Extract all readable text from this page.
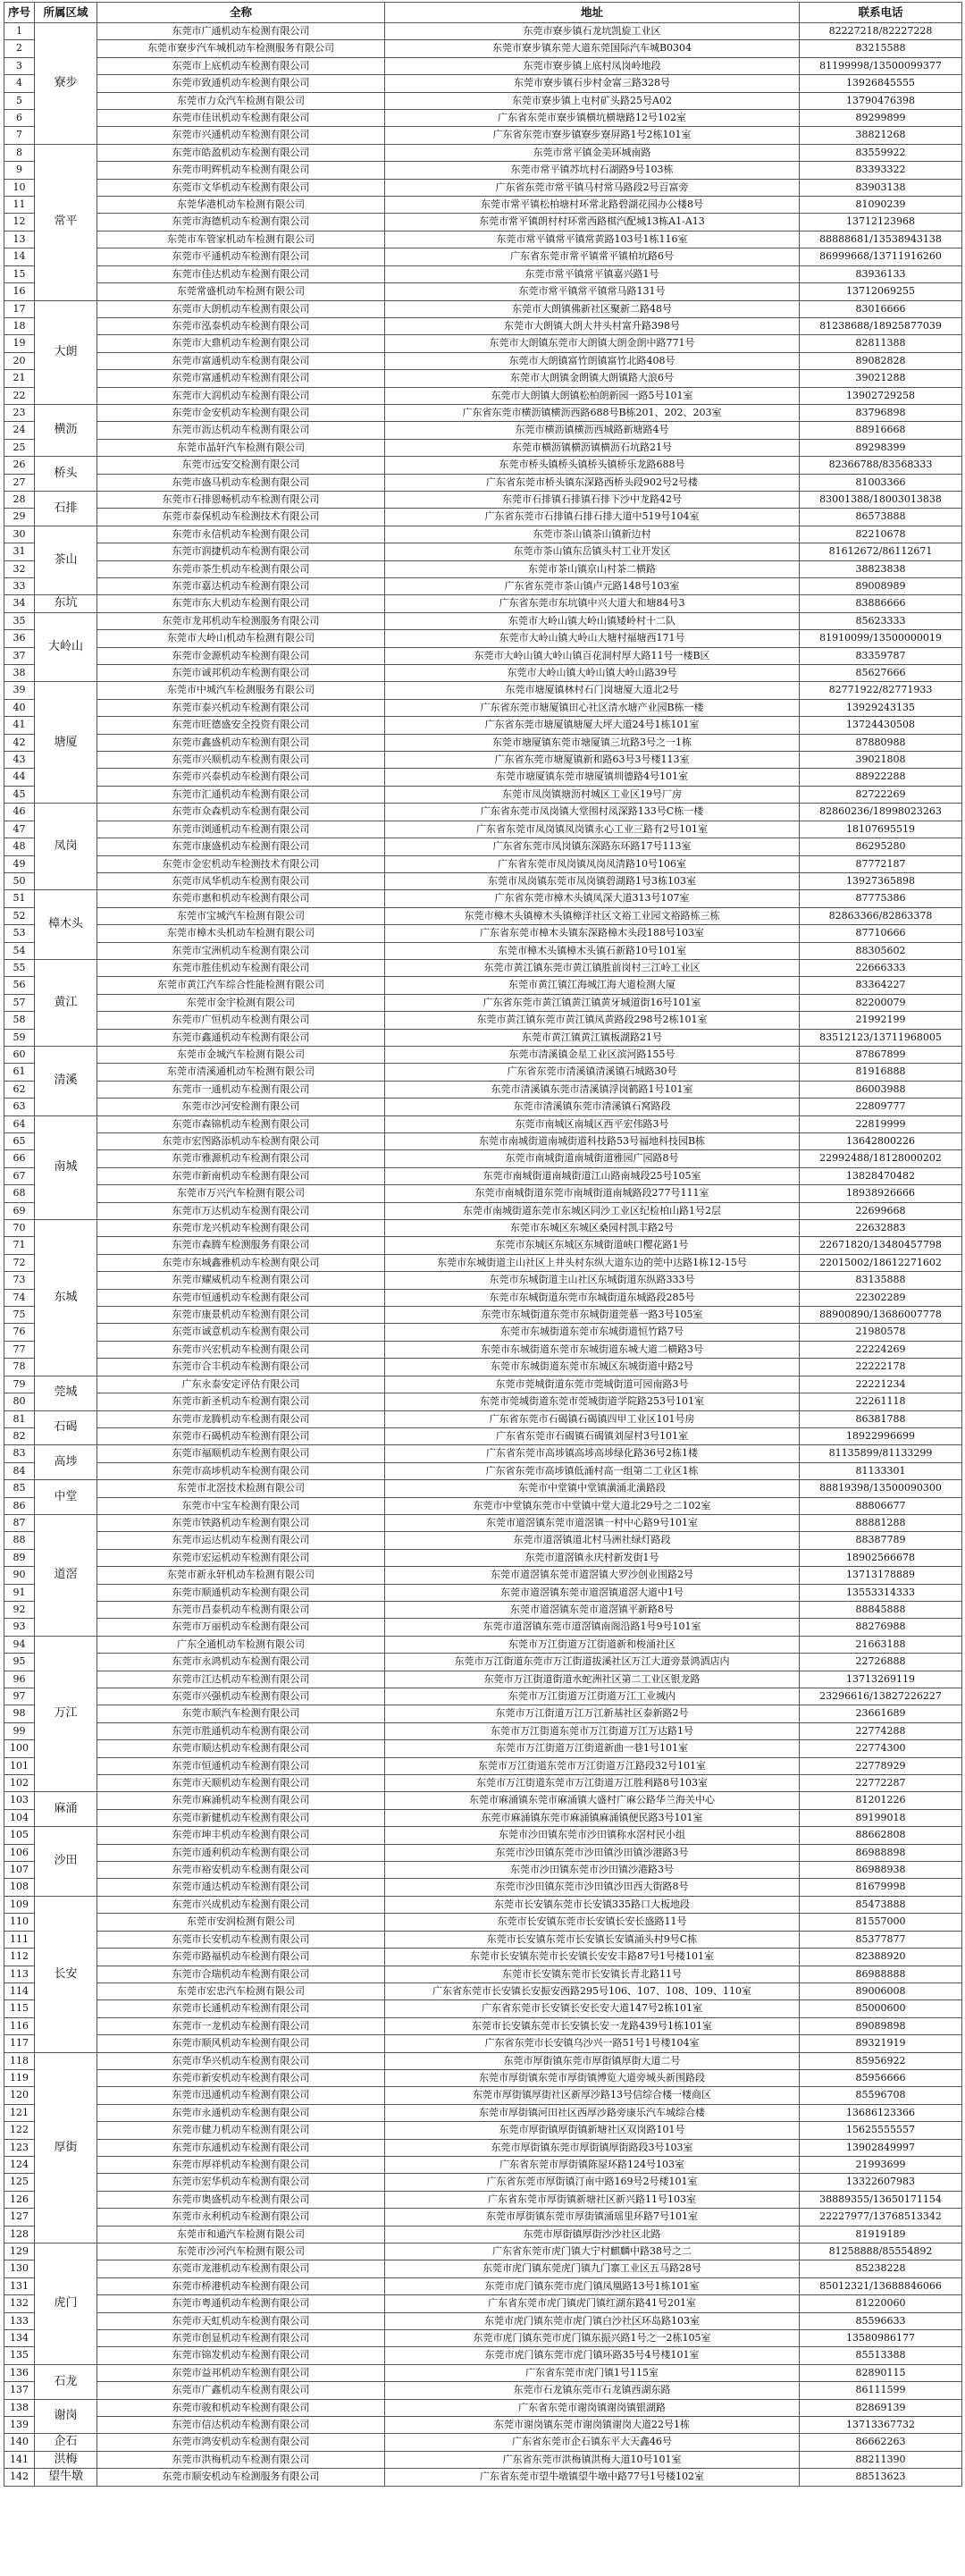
序号	所属区域	全称	地址	联系电话
1	寮步	东莞市广通机动车检测有限公司	东莞市寮步镇石龙坑凯旋工业区	82227218/82227228
2		东莞市寮步汽车城机动车检测服务有限公司	东莞市寮步镇东莞大道东莞国际汽车城B0304	83215588
3		东莞市上底机动车检测有限公司	东莞市寮步镇上底村凤岗岭地段	81199998/13500099377
4		东莞市致通机动车检测有限公司	东莞市寮步镇石步村金富三路328号	13926845555
5		东莞市力众汽车检测有限公司	东莞市寮步镇上屯村矿头路25号A02	13790476398
6		东莞市佳讯机动车检测有限公司	广东省东莞市寮步镇横坑横塘路12号102室	89299899
7		东莞市兴通机动车检测有限公司	广东省东莞市寮步镇寮步寮屏路1号2栋101室	38821268
8	常平	东莞市皓盈机动车检测有限公司	东莞市常平镇金美环城南路	83559922
9		东莞市明辉机动车检测有限公司	东莞市常平镇苏坑村石湖路9号103栋	83393322
10		东莞市文华机动车检测有限公司	广东省东莞市常平镇马村常马路段2号百富旁	83903138
11		东莞华港机动车检测有限公司	东莞市常平镇松柏塘村环常北路碧湖花园办公楼8号	81090239
12		东莞市海德机动车检测有限公司	东莞市常平镇朗村村环常西路棋汽配城13栋A1-A13	13712123968
13		东莞市车管家机动车检测有限公司	东莞市常平镇常平镇常黄路103号1栋116室	88888681/13538943138
14		东莞市平通机动车检测有限公司	广东省东莞市常平镇常平镇柏坑路6号	86999668/13711916260
15		东莞市佳达机动车检测有限公司	东莞市常平镇常平镇嘉兴路1号	83936133
16		东莞常盛机动车检测有限公司	东莞市常平镇常平镇常马路131号	13712069255
17	大朗	东莞市大朗机动车检测有限公司	东莞市大朗镇佛新社区聚新二路48号	83016666
18		东莞市泓泰机动车检测有限公司	东莞市大朗镇大朗大井头村富升路398号	81238688/18925877039
19		东莞市大鼎机动车检测有限公司	东莞市大朗镇东莞市大朗镇大朗金朗中路771号	82811388
20		东莞市富通机动车检测有限公司	东莞市大朗镇富竹朗镇富竹北路408号	89082828
21		东莞市富通机动车检测有限公司	东莞市大朗镇金朗镇大朗镇路大浪6号	39021288
22		东莞市大润机动车检测有限公司	东莞市大朗镇大朗镇松柏朗新园一路5号101室	13902729258
23	横沥	东莞市金安机动车检测有限公司	广东省东莞市横沥镇横沥西路688号B栋201、202、203室	83796898
24		东莞市沥达机动车检测有限公司	东莞市横沥镇横沥西城路新塘路4号	88916668
25		东莞市晶轩汽车检测有限公司	东莞市横沥镇横沥镇横沥石坑路21号	89298399
26	桥头	东莞市远安交检测有限公司	东莞市桥头镇桥头镇桥头镇桥乐龙路688号	82366788/83568333
27		东莞市盛马机动车检测有限公司	广东省东莞市桥头镇东深路西桥头段902号2号楼	81003366
28	石排	东莞市石排恩畅机动车检测有限公司	东莞市石排镇石排镇石排下沙中龙路42号	83001388/18003013838
29		东莞市泰保机动车检测技术有限公司	广东省东莞市石排镇石排石排大道中519号104室	86573888
30	茶山	东莞市永信机动车检测有限公司	东莞市茶山镇茶山镇新边村	82210678
31		东莞市润捷机动车检测有限公司	东莞市茶山镇东岳镇头村工业开发区	81612672/86112671
32		东莞市茶生机动车检测有限公司	东莞市茶山镇京山村茶二横路	38823838
33		东莞市嘉达机动车检测有限公司	广东省东莞市茶山镇卢元路148号103室	89008989
34	东坑	东莞市东大机动车检测有限公司	广东省东莞市东坑镇中兴大道大和塘84号3	83886666
35	大岭山	东莞市龙邦机动车检测服务有限公司	东莞市大岭山镇大岭山镇矮岭村十二队	85623333
36		东莞市大岭山机动车检测有限公司	东莞市大岭山镇大岭山大塘村福塘西171号	81910099/13500000019
37		东莞市金源机动车检测有限公司	东莞市大岭山镇大岭山镇百花洞村厚大路11号一楼B区	83359787
38		东莞市诚邦机动车检测有限公司	东莞市大岭山镇大岭山镇大岭山路39号	85627666
39	塘厦	东莞市中城汽车检测服务有限公司	东莞市塘厦镇林村石门岗塘厦大道北2号	82771922/82771933
40		东莞市泰兴机动车检测有限公司	广东省东莞市塘厦镇田心社区清水塘产业园B栋一楼	13929243135
41		东莞市旺德盛安全投资有限公司	广东省东莞市塘厦镇塘厦大坪大道24号1栋101室	13724430508
42		东莞市鑫盛机动车检测有限公司	东莞市塘厦镇东莞市塘厦镇三坑路3号之一1栋	87880988
43		东莞市兴顺机动车检测有限公司	广东省东莞市塘厦镇新和路63号3号楼113室	39021808
44		东莞市兴泰机动车检测有限公司	东莞市塘厦镇东莞市塘厦镇圳德路4号101室	88922288
45		东莞市汇通机动车检测有限公司	东莞市凤岗镇塘沥村城区工业区19号厂房	82722269
46	凤岗	东莞市众森机动车检测有限公司	广东省东莞市凤岗镇大堂围村凤深路133号C栋一楼	82860236/18998023263
47		东莞市浏通机动车检测有限公司	广东省东莞市凤岗镇凤岗镇永心工业三路有2号101室	18107695519
48		东莞市康盛机动车检测有限公司	广东省东莞市凤岗镇东深路东环路17号113室	86295280
49		东莞市金宏机动车检测技术有限公司	广东省东莞市凤岗镇凤岗凤清路10号106室	87772187
50		东莞市凤华机动车检测有限公司	东莞市凤岗镇东莞市凤岗镇碧湖路1号3栋103室	13927365898
51	樟木头	东莞市惠和机动车检测有限公司	广东省东莞市樟木头镇凤深大道313号107室	87775386
52		东莞市宝城汽车检测有限公司	东莞市樟木头镇樟木头镇樟洋社区文裕工业园文裕路栋三栋	82863366/82863378
53		东莞市樟木头机动车检测有限公司	广东省东莞市樟木头镇东深路樟木头段188号103室	87710666
54		东莞市宝洲机动车检测有限公司	东莞市樟木头镇樟木头镇石新路10号101室	88305602
55	黄江	东莞市胜佳机动车检测有限公司	东莞市黄江镇东莞市黄江镇胜前岗村三江岭工业区	22666333
56		东莞市黄江汽车综合性能检测有限公司	东莞市黄江镇江海城江海大道检测大厦	83364227
57		东莞市金宇检测有限公司	广东省东莞市黄江镇黄江镇黄牙城道街16号101室	82200079
58		东莞市广恒机动车检测有限公司	东莞市黄江镇东莞市黄江镇凤黄路段298号2栋101室	21992199
59		东莞市鑫通机动车检测有限公司	东莞市黄江镇黄江镇板湖路21号	83512123/13711968005
60	清溪	东莞市金城汽车检测有限公司	东莞市清溪镇金星工业区滨河路155号	87867899
61		东莞市清溪通机动车检测有限公司	广东省东莞市清溪镇清溪镇石城路30号	81916888
62		东莞市一通机动车检测有限公司	东莞市清溪镇东莞市清溪镇浮岗鹤路1号101室	86003988
63		东莞市沙河安检测有限公司	东莞市清溪镇东莞市清溪镇石窝路段	22809777
64	南城	东莞市森锦机动车检测有限公司	东莞市南城区南城区西平宏伟路3号	22819999
65		东莞市宏图路添机动车检测有限公司	东莞市南城街道南城街道科技路53号福地科技园B栋	13642800226
66		东莞市雅源机动车检测有限公司	东莞市南城街道南城街道雅园广园路8号	22992488/18128000202
67		东莞市新南机动车检测有限公司	东莞市南城街道南城街道江山路南城段25号105室	13828470482
68		东莞市万兴汽车检测有限公司	东莞市南城街道东莞市南城街道南城路段277号111室	18938926666
69		东莞市万达机动车检测有限公司	东莞市南城街道东莞市东城区同沙工业区纪检柏山路1号2层	22699668
70	东城	东莞市龙兴机动车检测有限公司	东莞市东城区东城区桑园村凯丰路2号	22632883
71		东莞市森腾车检测服务有限公司	东莞市东城区东城区东城街道峡口樱花路1号	22671820/13480457798
72		东莞市东城鑫雅机动车检测有限公司	东莞市东城街道主山社区上井头村东纵大道东边的莞中达路1栋12-15号	22015002/18612271602
73		东莞市耀威机动车检测有限公司	东莞市东城街道主山社区东城街道东纵路333号	83135888
74		东莞市恒通机动车检测有限公司	东莞市东城街道东莞市东城街道东城路段285号	22302289
75		东莞市康景机动车检测有限公司	东莞市东城街道东莞市东城街道莞慕一路3号105室	88900890/13686007778
76		东莞市诚意机动车检测有限公司	东莞市东城街道东莞市东城街道恒竹路7号	21980578
77		东莞市兴宏机动车检测有限公司	东莞市东城街道东莞市东城街道东城大道二横路3号	22224269
78		东莞市合丰机动车检测有限公司	东莞市东城街道东莞市东城区东城街道中路2号	22222178
79	莞城	广东永泰安定评估有限公司	东莞市莞城街道东莞市莞城街道可园南路3号	22221234
80		东莞市新圣机动车检测有限公司	东莞市莞城街道东莞市莞城街道学院路253号101室	22261118
81	石碣	东莞市龙腾机动车检测有限公司	广东省东莞市石碣镇石碣镇四甲工业区101号房	86381788
82		东莞市石碣机动车检测有限公司	广东省东莞市石碣镇石碣镇刘屋村3号101室	18922996699
83	高埗	东莞市福顺机动车检测有限公司	广东省东莞市高埗镇高埗高埗绿化路36号2栋1楼	81135899/81133299
84		东莞市高埗机动车检测有限公司	广东省东莞市高埗镇低涌村高一组第二工业区1栋	81133301
85	中堂	东莞市北滘技术检测有限公司	东莞市中堂镇中堂镇潢涌北潢路段	88819398/13500090300
86		东莞市中宝车检测有限公司	东莞市中堂镇东莞市中堂镇中堂大道北29号之二102室	88806677
87	道滘	东莞市铁路机动车检测有限公司	东莞市道滘镇东莞市道滘镇一村中心路9号101室	88881288
88		东莞市运达机动车检测有限公司	东莞市道滘镇道北村马洲社绿灯路段	88387789
89		东莞市宏运机动车检测有限公司	东莞市道滘镇永庆村新发街1号	18902566678
90		东莞市新永轩机动车检测有限公司	东莞市道滘镇东莞市道滘镇大罗沙创业围路2号	13713178889
91		东莞市顺通机动车检测有限公司	东莞市道滘镇东莞市道滘镇道滘大道中1号	13553314333
92		东莞市昌泰机动车检测有限公司	东莞市道滘镇东莞市道滘镇平新路8号	88845888
93		东莞市万丽机动车检测有限公司	东莞市道滘镇东莞市道滘镇南阁沿路1号9号101室	88276988
94	万江	广东全通机动车检测有限公司	东莞市万江街道万江街道新和梭涌社区	21663188
95		东莞市永鸿机动车检测有限公司	东莞市万江街道东莞市万江街道拔溪社区万江大道旁景鸿酒店内	22726888
96		东莞市江达机动车检测有限公司	东莞市万江街道街道水蛇洲社区第二工业区银龙路	13713269119
97		东莞市兴强机动车检测有限公司	东莞市万江街道万江街道万江工业城内	23296616/13827226227
98		东莞市顺汽车检测有限公司	东莞市万江街道万江万江新基社区泰新路2号	23661689
99		东莞市胜通机动车检测有限公司	东莞市万江街道东莞市万江街道万江万达路1号	22774288
100		东莞市顺达机动车检测有限公司	东莞市万江街道万江街道新曲一巷1号101室	22774300
101		东莞市恒通机动车检测有限公司	东莞市万江街道东莞市万江街道万江路段32号101室	22778929
102		东莞市天顺机动车检测有限公司	东莞市万江街道东莞市万江街道万江胜利路8号103室	22772287
103	麻涌	东莞市麻涌机动车检测有限公司	东莞市麻涌镇东莞市麻涌镇大盛村广麻公路华兰海关中心	81201226
104		东莞市新健机动车检测有限公司	东莞市麻涌镇东莞市麻涌镇麻涌镇便民路3号101室	89199018
105	沙田	东莞市坤丰机动车检测有限公司	东莞市沙田镇东莞市沙田镇称水滘村民小组	88662808
106		东莞市通利机动车检测有限公司	东莞市沙田镇东莞市沙田镇沙田镇沙港路3号	86988898
107		东莞市裕安机动车检测有限公司	东莞市沙田镇东莞市沙田镇沙港路3号	86988938
108		东莞市通达机动车检测有限公司	东莞市沙田镇东莞市沙田镇沙田西大街路8号	81679998
109	长安	东莞市兴成机动车检测有限公司	东莞市长安镇东莞市长安镇335路口大板地段	85473888
110		东莞市安润检测有限公司	东莞市长安镇东莞市长安镇长安长盛路11号	81557000
111		东莞市长安机动车检测有限公司	东莞市长安镇东莞市长安镇长安镇涌头村9号C栋	85377877
112		东莞市路福机动车检测有限公司	东莞市长安镇东莞市长安镇长安安丰路87号1号楼101室	82388920
113		东莞市合瑞机动车检测有限公司	东莞市长安镇东莞市长安镇长青北路11号	86988888
114		东莞市宏忠汽车检测有限公司	广东省东莞市长安镇长安振安西路295号106、107、108、109、110室	89006008
115		东莞市长通机动车检测有限公司	广东省东莞市长安镇长安长安大道147号2栋101室	85000600
116		东莞市一龙机动车检测有限公司	东莞市长安镇东莞市长安镇长安一龙路439号1栋101室	89089898
117		东莞市顺风机动车检测有限公司	广东省东莞市长安镇乌沙兴一路51号1号楼104室	89321919
118	厚街	东莞市华兴机动车检测有限公司	东莞市厚街镇东莞市厚街镇厚街大道二号	85956922
119		东莞市新安机动车检测有限公司	东莞市厚街镇东莞市厚街镇博览大道旁城头新围路段	85956666
120		东莞市迅通机动车检测有限公司	东莞市厚街镇厚街社区新厚沙路13号信综合楼一楼商区	85596708
121		东莞市永通机动车检测有限公司	东莞市厚街镇河田社区西厚沙路旁康乐汽车城综合楼	13686123366
122		东莞市健力机动车检测有限公司	东莞市厚街镇厚街镇新塘社区双岗路101号	15625555557
123		东莞市东通机动车检测有限公司	东莞市厚街镇东莞市厚街镇厚街路段3号103室	13902849997
124		东莞市厚祥机动车检测有限公司	广东省东莞市厚街镇陈屋环路124号103室	21993699
125		东莞市宏华机动车检测有限公司	广东省东莞市厚街镇汀南中路169号2号楼101室	13322607983
126		东莞市奥盛机动车检测有限公司	广东省东莞市厚街镇新塘社区新兴路11号103室	38889355/13650171154
127		东莞市永利机动车检测有限公司	东莞市厚街镇东莞市厚街镇涌瑶里环路7号101室	22227977/13768513342
128		东莞市和通汽车检测有限公司	东莞市厚街镇厚街沙沙社区北路	81919189
129	虎门	东莞市沙河汽车检测有限公司	广东省东莞市虎门镇大宁村麒麟中路38号之二	81258888/85554892
130		东莞市龙港机动车检测有限公司	东莞市虎门镇东莞虎门镇九门寨工业区五马路28号	85238228
131		东莞市桥港机动车检测有限公司	东莞市虎门镇东莞市虎门镇凤凰路13号1栋101室	85012321/13688846066
132		东莞市粤通机动车检测有限公司	广东省东莞市虎门镇虎门镇红湖东路41号201室	81220060
133		东莞市天虹机动车检测有限公司	东莞市虎门镇东莞市虎门镇白沙社区环岛路103室	85596633
134		东莞市创显机动车检测有限公司	东莞市虎门镇东莞市虎门镇东振兴路1号之一2栋105室	13580986177
135		东莞市锦发机动车检测有限公司	东莞市虎门镇东莞市虎门镇环路35号4号楼101室	85513388
136	石龙	东莞市益邦机动车检测有限公司	广东省东莞市虎门镇1号115室	82890115
137		东莞市广鑫机动车检测有限公司	东莞市石龙镇东莞市石龙镇西湖东路	86111599
138	谢岗	东莞市骏和机动车检测有限公司	广东省东莞市谢岗镇谢岗镇银湖路	82869139
139		东莞市信达机动车检测有限公司	东莞市谢岗镇东莞市谢岗镇谢岗大道22号1栋	13713367732
140	企石	东莞市鸿安机动车检测有限公司	广东省东莞市企石镇东平大天鑫46号	86662263
141	洪梅	东莞市洪梅机动车检测有限公司	广东省东莞市洪梅镇洪梅大道10号101室	88211390
142	望牛墩	东莞市顺安机动车检测服务有限公司	广东省东莞市望牛墩镇望牛墩中路77号1号楼102室	88513623
